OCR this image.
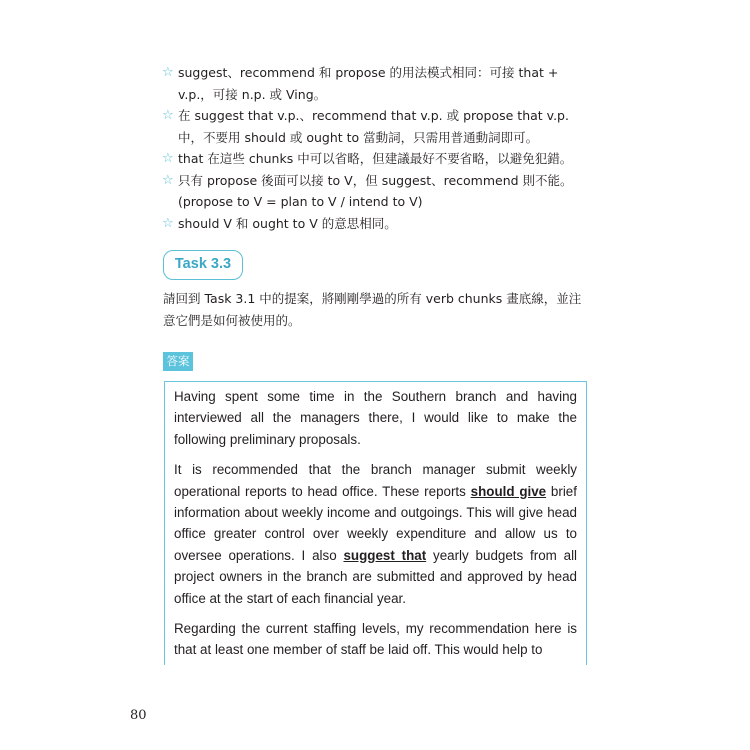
☆ suggest、recommend 和 propose 的用法模式相同：可接 that + v.p.，可接 n.p. 或 Ving。
☆ 在 suggest that v.p.、recommend that v.p. 或 propose that v.p. 中，不要用 should 或 ought to 當動詞，只需用普通動詞即可。
☆ that 在這些 chunks 中可以省略，但建議最好不要省略，以避免犯錯。
☆ 只有 propose 後面可以接 to V，但 suggest、recommend 則不能。(propose to V = plan to V / intend to V)
☆ should V 和 ought to V 的意思相同。
Task 3.3
請回到 Task 3.1 中的提案，將剛剛學過的所有 verb chunks 畫底線，並注意它們是如何被使用的。
答案

Having spent some time in the Southern branch and having interviewed all the managers there, I would like to make the following preliminary proposals.

It is recommended that the branch manager submit weekly operational reports to head office. These reports should give brief information about weekly income and outgoings. This will give head office greater control over weekly expenditure and allow us to oversee operations. I also suggest that yearly budgets from all project owners in the branch are submitted and approved by head office at the start of each financial year.

Regarding the current staffing levels, my recommendation here is that at least one member of staff be laid off. This would help to

80
